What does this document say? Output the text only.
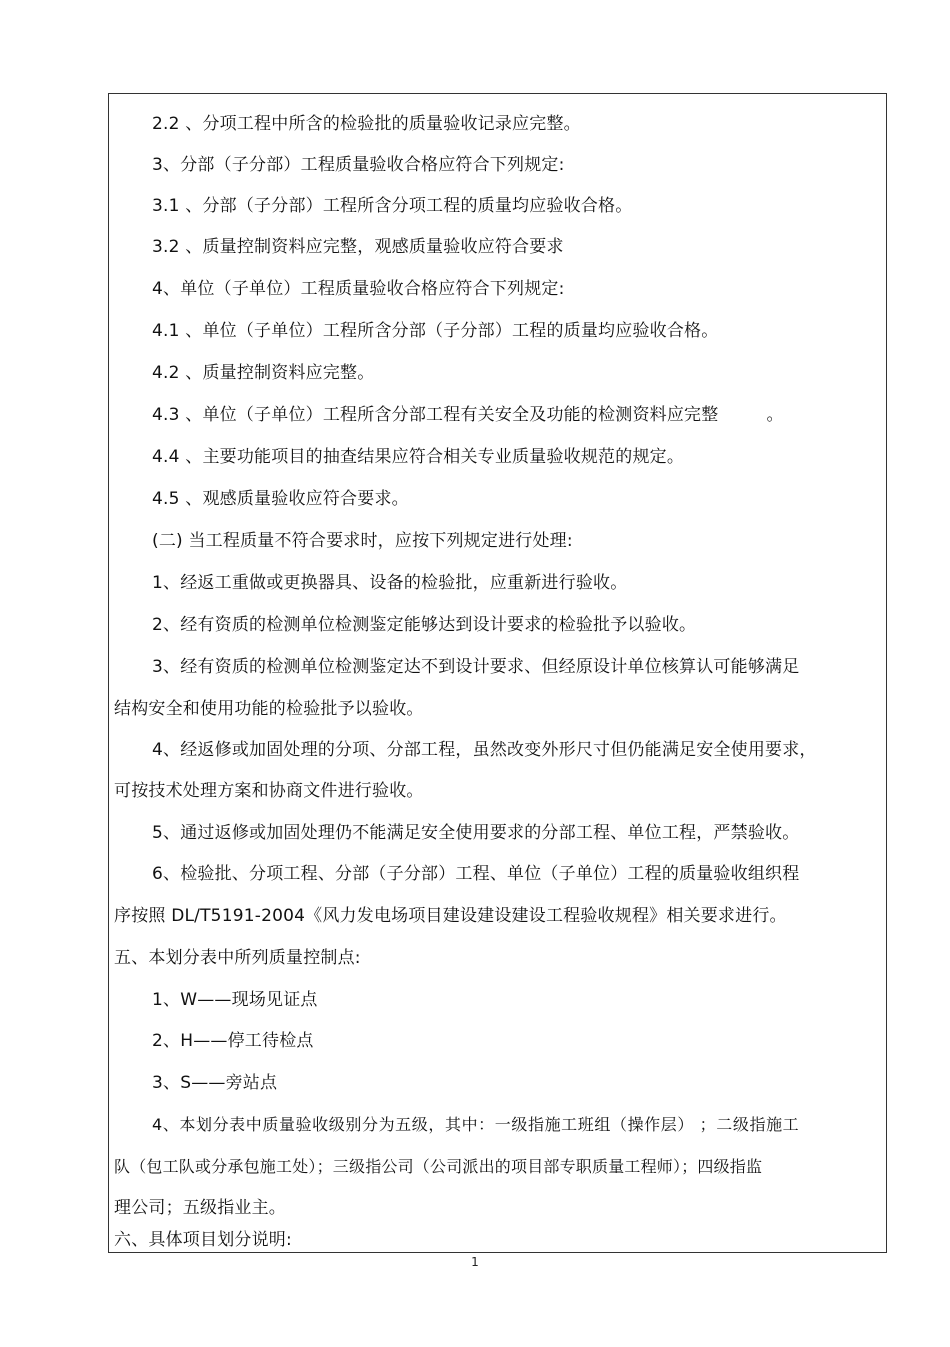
2.2 、分项工程中所含的检验批的质量验收记录应完整。
3、分部（子分部）工程质量验收合格应符合下列规定:
3.1 、分部（子分部）工程所含分项工程的质量均应验收合格。
3.2 、质量控制资料应完整，观感质量验收应符合要求
4、单位（子单位）工程质量验收合格应符合下列规定:
4.1 、单位（子单位）工程所含分部（子分部）工程的质量均应验收合格。
4.2 、质量控制资料应完整。
4.3 、单位（子单位）工程所含分部工程有关安全及功能的检测资料应完整	。
4.4 、主要功能项目的抽查结果应符合相关专业质量验收规范的规定。
4.5 、观感质量验收应符合要求。
(二) 当工程质量不符合要求时，应按下列规定进行处理:
1、经返工重做或更换器具、设备的检验批，应重新进行验收。
2、经有资质的检测单位检测鉴定能够达到设计要求的检验批予以验收。
3、经有资质的检测单位检测鉴定达不到设计要求、但经原设计单位核算认可能够满足
结构安全和使用功能的检验批予以验收。
4、经返修或加固处理的分项、分部工程，虽然改变外形尺寸但仍能满足安全使用要求，
可按技术处理方案和协商文件进行验收。
5、通过返修或加固处理仍不能满足安全使用要求的分部工程、单位工程，严禁验收。
6、检验批、分项工程、分部（子分部）工程、单位（子单位）工程的质量验收组织程
序按照 DL/T5191-2004《风力发电场项目建设建设建设工程验收规程》相关要求进行。
五、本划分表中所列质量控制点:
1、W——现场见证点
2、H——停工待检点
3、S——旁站点
4、本划分表中质量验收级别分为五级，其中：一级指施工班组（操作层） ；二级指施工
队（包工队或分承包施工处）；三级指公司（公司派出的项目部专职质量工程师）；四级指监
理公司；五级指业主。
六、具体项目划分说明:
1
